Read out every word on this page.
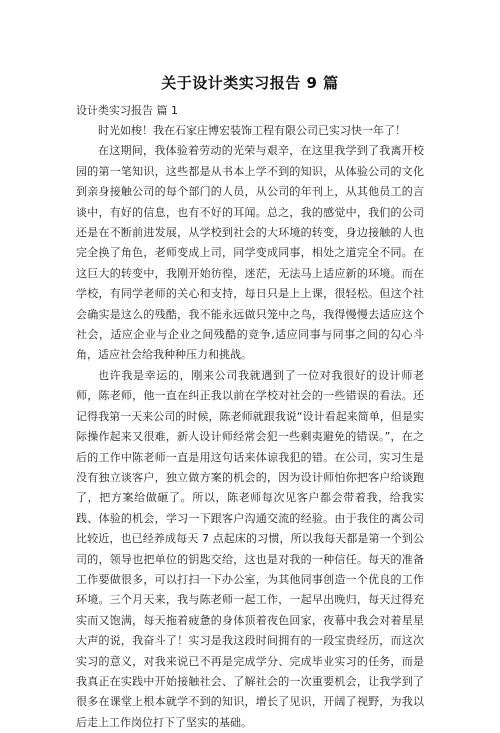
关于设计类实习报告 9 篇
设计类实习报告 篇 1

时光如梭！我在石家庄博宏装饰工程有限公司已实习快一年了！

在这期间，我体验着劳动的光荣与艰辛，在这里我学到了我离开校园的第一笔知识，这些都是从书本上学不到的知识，从体验公司的文化到亲身接触公司的每个部门的人员，从公司的年刊上，从其他员工的言谈中，有好的信息，也有不好的耳闻。总之，我的感觉中，我们的公司还是在不断前进发展，从学校到社会的大环境的转变，身边接触的人也完全换了角色，老师变成上司，同学变成同事，相处之道完全不同。在这巨大的转变中，我刚开始彷徨，迷茫，无法马上适应新的环境。而在学校，有同学老师的关心和支持，每日只是上上课，很轻松。但这个社会确实是这么的残酷，我不能永远做只笼中之鸟，我得慢慢去适应这个社会，适应企业与企业之间残酷的竞争,适应同事与同事之间的勾心斗角，适应社会给我种种压力和挑战。

也许我是幸运的，刚来公司我就遇到了一位对我很好的设计师老师，陈老师，他一直在纠正我以前在学校对社会的一些错误的看法。还记得我第一天来公司的时候，陈老师就跟我说“设计看起来简单，但是实际操作起来又很难，新人设计师经常会犯一些剩夷避免的错误。”，在之后的工作中陈老师一直是用这句话来体谅我犯的错。在公司，实习生是没有独立谈客户，独立做方案的机会的，因为设计师怕你把客户给谈跑了，把方案给做砸了。所以，陈老师每次见客户都会带着我，给我实践、体验的机会，学习一下跟客户沟通交流的经验。由于我住的离公司比较近，也已经养成每天 7 点起床的习惯，所以我每天都是第一个到公司的，领导也把单位的钥匙交给，这也是对我的一种信任。每天的准备工作要做很多，可以打扫一下办公室，为其他同事创造一个优良的工作环境。三个月天来，我与陈老师一起工作，一起早出晚归，每天过得充实而又饱满，每天拖着疲惫的身体顶着夜色回家，夜幕中我会对着星星大声的说，我奋斗了！实习是我这段时间拥有的一段宝贵经历，而这次实习的意义，对我来说已不再是完成学分、完成毕业实习的任务，而是我真正在实践中开始接触社会、了解社会的一次重要机会，让我学到了很多在课堂上根本就学不到的知识，增长了见识，开阔了视野，为我以后走上工作岗位打下了坚实的基础。
